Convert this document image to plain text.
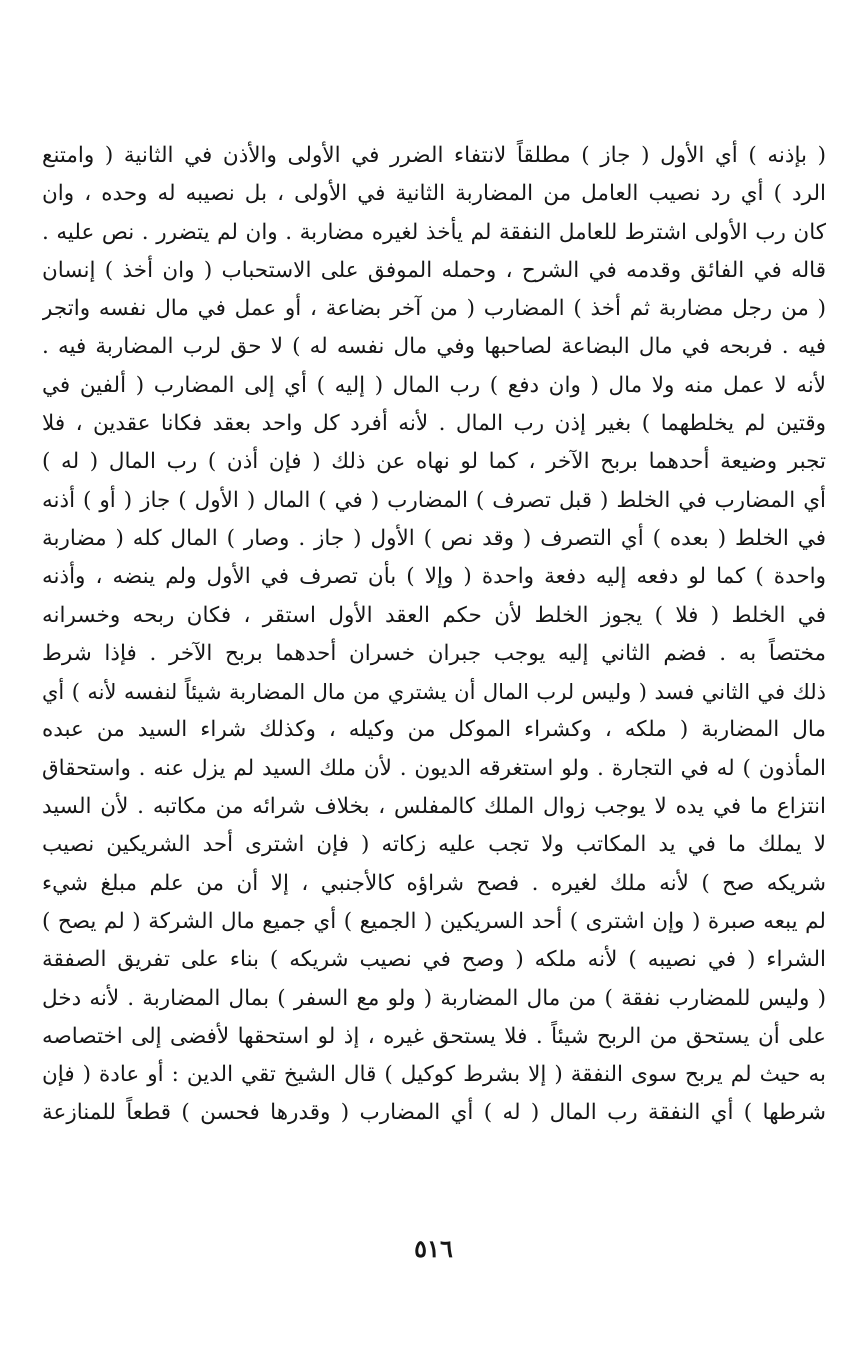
( بإذنه ) أي الأول ( جاز ) مطلقاً لانتفاء الضرر في الأولى والأذن في الثانية ( وامتنع
الرد ) أي رد نصيب العامل من المضاربة الثانية في الأولى ، بل نصيبه له وحده ، وان
كان رب الأولى اشترط للعامل النفقة لم يأخذ لغيره مضاربة . وان لم يتضرر . نص عليه .
قاله في الفائق وقدمه في الشرح ، وحمله الموفق على الاستحباب ( وان أخذ ) إنسان
( من رجل مضاربة ثم أخذ ) المضارب ( من آخر بضاعة ، أو عمل في مال نفسه واتجر
فيه . فربحه في مال البضاعة لصاحبها وفي مال نفسه له ) لا حق لرب المضاربة فيه .
لأنه لا عمل منه ولا مال ( وان دفع ) رب المال ( إليه ) أي إلى المضارب ( ألفين في
وقتين لم يخلطهما ) بغير إذن رب المال . لأنه أفرد كل واحد بعقد فكانا عقدين ، فلا
تجبر وضيعة أحدهما بربح الآخر ، كما لو نهاه عن ذلك ( فإن أذن ) رب المال ( له )
أي المضارب في الخلط ( قبل تصرف ) المضارب ( في ) المال ( الأول ) جاز ( أو ) أذنه
في الخلط ( بعده ) أي التصرف ( وقد نص ) الأول ( جاز . وصار ) المال كله ( مضاربة
واحدة ) كما لو دفعه إليه دفعة واحدة ( وإلا ) بأن تصرف في الأول ولم ينضه ، وأذنه
في الخلط ( فلا ) يجوز الخلط لأن حكم العقد الأول استقر ، فكان ربحه وخسرانه
مختصاً به . فضم الثاني إليه يوجب جبران خسران أحدهما بربح الآخر . فإذا شرط
ذلك في الثاني فسد ( وليس لرب المال أن يشتري من مال المضاربة شيئاً لنفسه لأنه ) أي
مال المضاربة ( ملكه ، وكشراء الموكل من وكيله ، وكذلك شراء السيد من عبده
المأذون ) له في التجارة . ولو استغرقه الديون . لأن ملك السيد لم يزل عنه . واستحقاق
انتزاع ما في يده لا يوجب زوال الملك كالمفلس ، بخلاف شرائه من مكاتبه . لأن السيد
لا يملك ما في يد المكاتب ولا تجب عليه زكاته ( فإن اشترى أحد الشريكين نصيب
شريكه صح ) لأنه ملك لغيره . فصح شراؤه كالأجنبي ، إلا أن من علم مبلغ شيء
لم يبعه صبرة ( وإن اشترى ) أحد السريكين ( الجميع ) أي جميع مال الشركة ( لم يصح )
الشراء ( في نصيبه ) لأنه ملكه ( وصح في نصيب شريكه ) بناء على تفريق الصفقة
( وليس للمضارب نفقة ) من مال المضاربة ( ولو مع السفر ) بمال المضاربة . لأنه دخل
على أن يستحق من الربح شيئاً . فلا يستحق غيره ، إذ لو استحقها لأفضى إلى اختصاصه
به حيث لم يربح سوى النفقة ( إلا بشرط كوكيل ) قال الشيخ تقي الدين : أو عادة ( فإن
شرطها ) أي النفقة رب المال ( له ) أي المضارب ( وقدرها فحسن ) قطعاً للمنازعة
٥١٦
